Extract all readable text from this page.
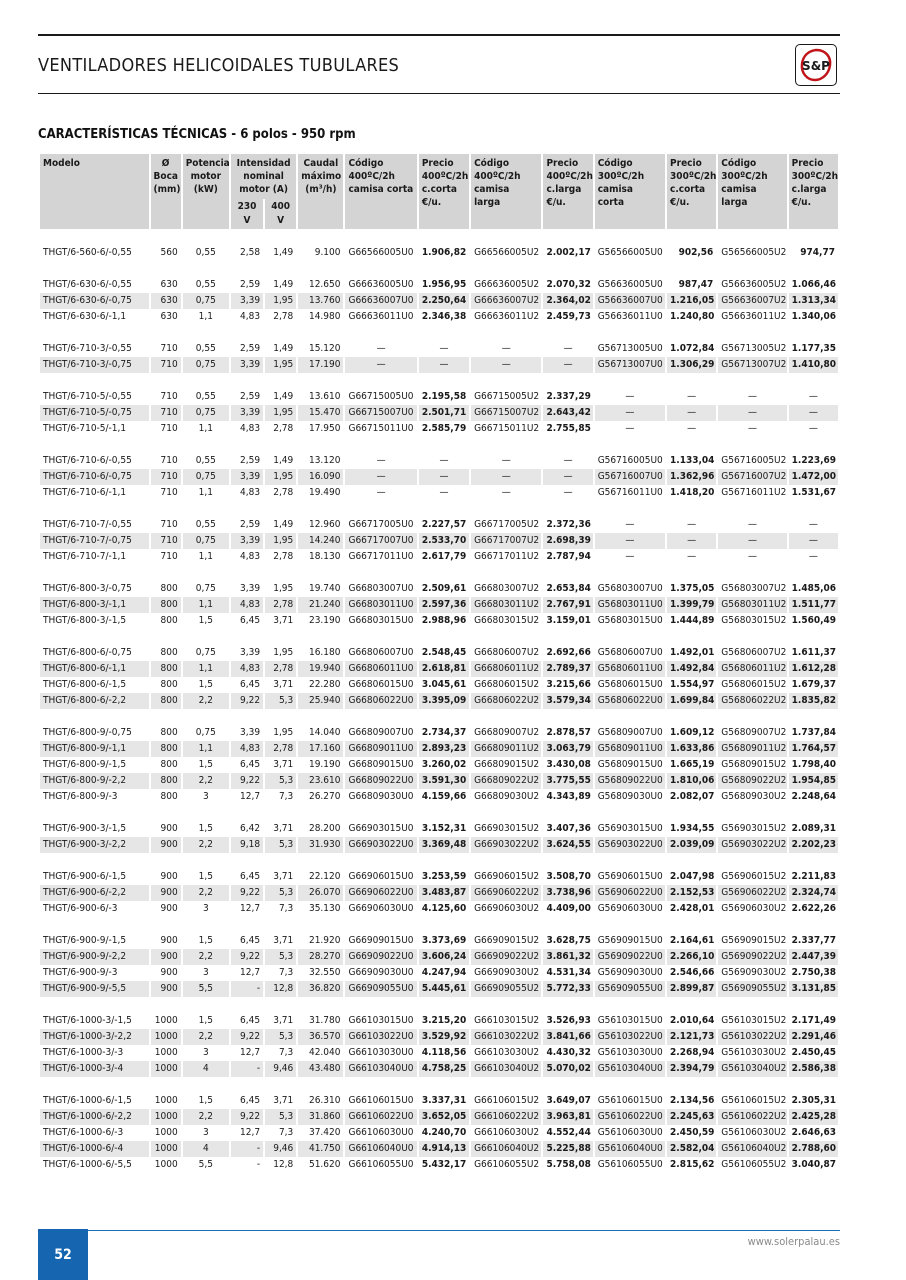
VENTILADORES HELICOIDALES TUBULARES	S&P
CARACTERÍSTICAS TÉCNICAS - 6 polos - 950 rpm
Modelo	Ø Boca (mm)	Potencia motor (kW)	Intensidad nominal motor (A)		Caudal máximo (m³/h)	Código 400ºC/2h camisa corta	Precio 400ºC/2h c.corta €/u.	Código 400ºC/2h camisa larga	Precio 400ºC/2h c.larga €/u.	Código 300ºC/2h camisa corta	Precio 300ºC/2h c.corta €/u.	Código 300ºC/2h camisa larga	Precio 300ºC/2h c.larga €/u.
			230 V	400 V									

THGT/6-560-6/-0,55	560	0,55	2,58	1,49	9.100	G66566005U0	1.906,82	G66566005U2	2.002,17	G56566005U0	902,56	G56566005U2	974,77

THGT/6-630-6/-0,55	630	0,55	2,59	1,49	12.650	G66636005U0	1.956,95	G66636005U2	2.070,32	G56636005U0	987,47	G56636005U2	1.066,46
THGT/6-630-6/-0,75	630	0,75	3,39	1,95	13.760	G66636007U0	2.250,64	G66636007U2	2.364,02	G56636007U0	1.216,05	G56636007U2	1.313,34
THGT/6-630-6/-1,1	630	1,1	4,83	2,78	14.980	G66636011U0	2.346,38	G66636011U2	2.459,73	G56636011U0	1.240,80	G56636011U2	1.340,06

THGT/6-710-3/-0,55	710	0,55	2,59	1,49	15.120	—	—	—	—	G56713005U0	1.072,84	G56713005U2	1.177,35
THGT/6-710-3/-0,75	710	0,75	3,39	1,95	17.190	—	—	—	—	G56713007U0	1.306,29	G56713007U2	1.410,80

THGT/6-710-5/-0,55	710	0,55	2,59	1,49	13.610	G66715005U0	2.195,58	G66715005U2	2.337,29	—	—	—	—
THGT/6-710-5/-0,75	710	0,75	3,39	1,95	15.470	G66715007U0	2.501,71	G66715007U2	2.643,42	—	—	—	—
THGT/6-710-5/-1,1	710	1,1	4,83	2,78	17.950	G66715011U0	2.585,79	G66715011U2	2.755,85	—	—	—	—

THGT/6-710-6/-0,55	710	0,55	2,59	1,49	13.120	—	—	—	—	G56716005U0	1.133,04	G56716005U2	1.223,69
THGT/6-710-6/-0,75	710	0,75	3,39	1,95	16.090	—	—	—	—	G56716007U0	1.362,96	G56716007U2	1.472,00
THGT/6-710-6/-1,1	710	1,1	4,83	2,78	19.490	—	—	—	—	G56716011U0	1.418,20	G56716011U2	1.531,67

THGT/6-710-7/-0,55	710	0,55	2,59	1,49	12.960	G66717005U0	2.227,57	G66717005U2	2.372,36	—	—	—	—
THGT/6-710-7/-0,75	710	0,75	3,39	1,95	14.240	G66717007U0	2.533,70	G66717007U2	2.698,39	—	—	—	—
THGT/6-710-7/-1,1	710	1,1	4,83	2,78	18.130	G66717011U0	2.617,79	G66717011U2	2.787,94	—	—	—	—

THGT/6-800-3/-0,75	800	0,75	3,39	1,95	19.740	G66803007U0	2.509,61	G66803007U2	2.653,84	G56803007U0	1.375,05	G56803007U2	1.485,06
THGT/6-800-3/-1,1	800	1,1	4,83	2,78	21.240	G66803011U0	2.597,36	G66803011U2	2.767,91	G56803011U0	1.399,79	G56803011U2	1.511,77
THGT/6-800-3/-1,5	800	1,5	6,45	3,71	23.190	G66803015U0	2.988,96	G66803015U2	3.159,01	G56803015U0	1.444,89	G56803015U2	1.560,49

THGT/6-800-6/-0,75	800	0,75	3,39	1,95	16.180	G66806007U0	2.548,45	G66806007U2	2.692,66	G56806007U0	1.492,01	G56806007U2	1.611,37
THGT/6-800-6/-1,1	800	1,1	4,83	2,78	19.940	G66806011U0	2.618,81	G66806011U2	2.789,37	G56806011U0	1.492,84	G56806011U2	1.612,28
THGT/6-800-6/-1,5	800	1,5	6,45	3,71	22.280	G66806015U0	3.045,61	G66806015U2	3.215,66	G56806015U0	1.554,97	G56806015U2	1.679,37
THGT/6-800-6/-2,2	800	2,2	9,22	5,3	25.940	G66806022U0	3.395,09	G66806022U2	3.579,34	G56806022U0	1.699,84	G56806022U2	1.835,82

THGT/6-800-9/-0,75	800	0,75	3,39	1,95	14.040	G66809007U0	2.734,37	G66809007U2	2.878,57	G56809007U0	1.609,12	G56809007U2	1.737,84
THGT/6-800-9/-1,1	800	1,1	4,83	2,78	17.160	G66809011U0	2.893,23	G66809011U2	3.063,79	G56809011U0	1.633,86	G56809011U2	1.764,57
THGT/6-800-9/-1,5	800	1,5	6,45	3,71	19.190	G66809015U0	3.260,02	G66809015U2	3.430,08	G56809015U0	1.665,19	G56809015U2	1.798,40
THGT/6-800-9/-2,2	800	2,2	9,22	5,3	23.610	G66809022U0	3.591,30	G66809022U2	3.775,55	G56809022U0	1.810,06	G56809022U2	1.954,85
THGT/6-800-9/-3	800	3	12,7	7,3	26.270	G66809030U0	4.159,66	G66809030U2	4.343,89	G56809030U0	2.082,07	G56809030U2	2.248,64

THGT/6-900-3/-1,5	900	1,5	6,42	3,71	28.200	G66903015U0	3.152,31	G66903015U2	3.407,36	G56903015U0	1.934,55	G56903015U2	2.089,31
THGT/6-900-3/-2,2	900	2,2	9,18	5,3	31.930	G66903022U0	3.369,48	G66903022U2	3.624,55	G56903022U0	2.039,09	G56903022U2	2.202,23

THGT/6-900-6/-1,5	900	1,5	6,45	3,71	22.120	G66906015U0	3.253,59	G66906015U2	3.508,70	G56906015U0	2.047,98	G56906015U2	2.211,83
THGT/6-900-6/-2,2	900	2,2	9,22	5,3	26.070	G66906022U0	3.483,87	G66906022U2	3.738,96	G56906022U0	2.152,53	G56906022U2	2.324,74
THGT/6-900-6/-3	900	3	12,7	7,3	35.130	G66906030U0	4.125,60	G66906030U2	4.409,00	G56906030U0	2.428,01	G56906030U2	2.622,26

THGT/6-900-9/-1,5	900	1,5	6,45	3,71	21.920	G66909015U0	3.373,69	G66909015U2	3.628,75	G56909015U0	2.164,61	G56909015U2	2.337,77
THGT/6-900-9/-2,2	900	2,2	9,22	5,3	28.270	G66909022U0	3.606,24	G66909022U2	3.861,32	G56909022U0	2.266,10	G56909022U2	2.447,39
THGT/6-900-9/-3	900	3	12,7	7,3	32.550	G66909030U0	4.247,94	G66909030U2	4.531,34	G56909030U0	2.546,66	G56909030U2	2.750,38
THGT/6-900-9/-5,5	900	5,5	-	12,8	36.820	G66909055U0	5.445,61	G66909055U2	5.772,33	G56909055U0	2.899,87	G56909055U2	3.131,85

THGT/6-1000-3/-1,5	1000	1,5	6,45	3,71	31.780	G66103015U0	3.215,20	G66103015U2	3.526,93	G56103015U0	2.010,64	G56103015U2	2.171,49
THGT/6-1000-3/-2,2	1000	2,2	9,22	5,3	36.570	G66103022U0	3.529,92	G66103022U2	3.841,66	G56103022U0	2.121,73	G56103022U2	2.291,46
THGT/6-1000-3/-3	1000	3	12,7	7,3	42.040	G66103030U0	4.118,56	G66103030U2	4.430,32	G56103030U0	2.268,94	G56103030U2	2.450,45
THGT/6-1000-3/-4	1000	4	-	9,46	43.480	G66103040U0	4.758,25	G66103040U2	5.070,02	G56103040U0	2.394,79	G56103040U2	2.586,38

THGT/6-1000-6/-1,5	1000	1,5	6,45	3,71	26.310	G66106015U0	3.337,31	G66106015U2	3.649,07	G56106015U0	2.134,56	G56106015U2	2.305,31
THGT/6-1000-6/-2,2	1000	2,2	9,22	5,3	31.860	G66106022U0	3.652,05	G66106022U2	3.963,81	G56106022U0	2.245,63	G56106022U2	2.425,28
THGT/6-1000-6/-3	1000	3	12,7	7,3	37.420	G66106030U0	4.240,70	G66106030U2	4.552,44	G56106030U0	2.450,59	G56106030U2	2.646,63
THGT/6-1000-6/-4	1000	4	-	9,46	41.750	G66106040U0	4.914,13	G66106040U2	5.225,88	G56106040U0	2.582,04	G56106040U2	2.788,60
THGT/6-1000-6/-5,5	1000	5,5	-	12,8	51.620	G66106055U0	5.432,17	G66106055U2	5.758,08	G56106055U0	2.815,62	G56106055U2	3.040,87
52
www.solerpalau.es
